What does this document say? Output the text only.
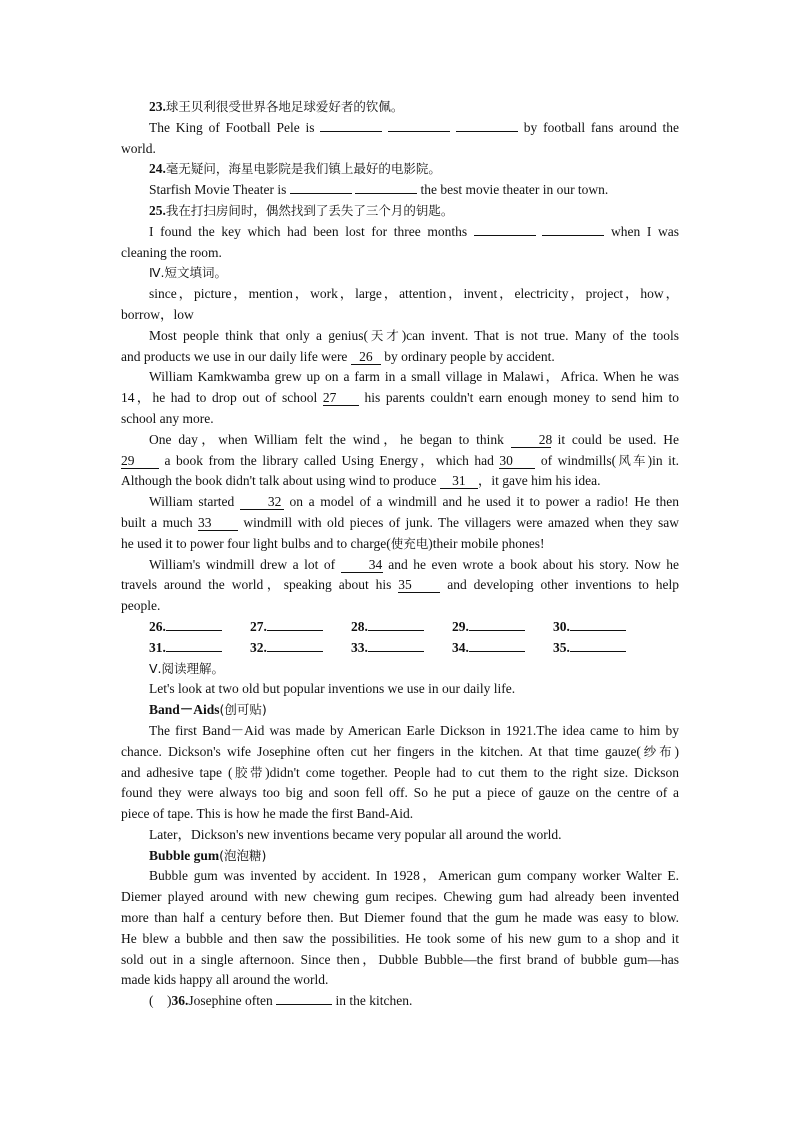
23.球王贝利很受世界各地足球爱好者的钦佩。

The King of Football Pele is	by football fans around the

world.

24.毫无疑问，海星电影院是我们镇上最好的电影院。

Starfish Movie Theater is	the best movie theater in our town.

25.我在打扫房间时，偶然找到了丢失了三个月的钥匙。

I found the key which had been lost for three months	when I was

cleaning the room.

Ⅳ.短文填词。

since，picture，mention，work，large，attention，invent，electricity，project，how，

borrow，low

Most people think that only a genius(天才)can invent. That is not true. Many of the tools

and products we use in our daily life were 26 by ordinary people by accident.

William Kamkwamba grew up on a farm in a small village in Malawi，Africa. When he was

14，he had to drop out of school 27 his parents couldn't earn enough money to send him to

school any more.

One day，when William felt the wind，he began to think 28 it could be used. He

29 a book from the library called Using Energy，which had 30 of windmills(风车)in it.

Although the book didn't talk about using wind to produce 31 ，it gave him his idea.

William started 32 on a model of a windmill and he used it to power a radio! He then

built a much 33 windmill with old pieces of junk. The villagers were amazed when they saw

he used it to power four light bulbs and to charge(使充电)their mobile phones!

William's windmill drew a lot of 34 and he even wrote a book about his story. Now he

travels around the world，speaking about his 35 and developing other inventions to help

people.

26.	27.	28.	29.	30.
31.	32.	33.	34.	35.

Ⅴ.阅读理解。

Let's look at two old but popular inventions we use in our daily life.

Band－Aids(创可贴)

The first Band－Aid was made by American Earle Dickson in 1921.The idea came to him by

chance. Dickson's wife Josephine often cut her fingers in the kitchen. At that time gauze(纱布)

and adhesive tape (胶带)didn't come together. People had to cut them to the right size. Dickson

found they were always too big and soon fell off. So he put a piece of gauze on the centre of a

piece of tape. This is how he made the first Band-Aid.

Later，Dickson's new inventions became very popular all around the world.

Bubble gum(泡泡糖)

Bubble gum was invented by accident. In 1928，American gum company worker Walter E.

Diemer played around with new chewing gum recipes. Chewing gum had already been invented

more than half a century before then. But Diemer found that the gum he made was easy to blow.

He blew a bubble and then saw the possibilities. He took some of his new gum to a shop and it

sold out in a single afternoon. Since then，Dubble Bubble—the first brand of bubble gum—has

made kids happy all around the world.

(    )36.Josephine often	in the kitchen.
